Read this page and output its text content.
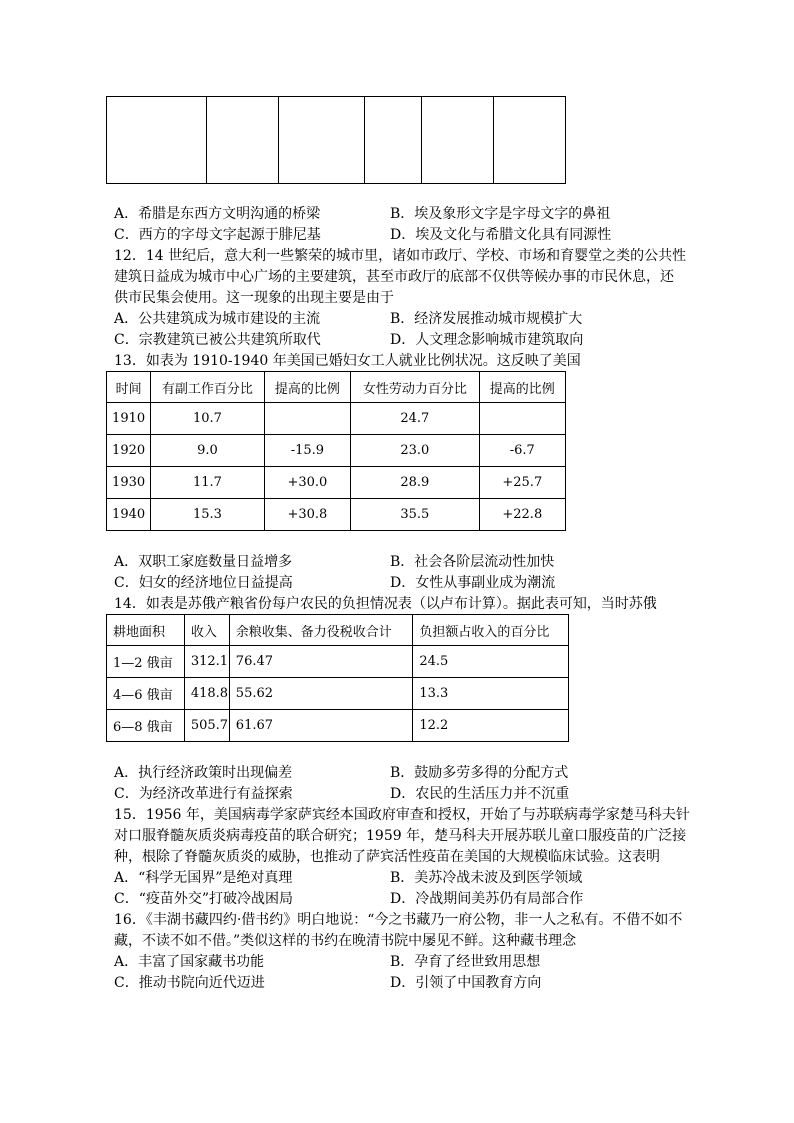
A．希腊是东西方文明沟通的桥梁	B．埃及象形文字是字母文字的鼻祖
C．西方的字母文字起源于腓尼基	D．埃及文化与希腊文化具有同源性
12．14 世纪后，意大利一些繁荣的城市里，诸如市政厅、学校、市场和育婴堂之类的公共性
建筑日益成为城市中心广场的主要建筑，甚至市政厅的底部不仅供等候办事的市民休息，还
供市民集会使用。这一现象的出现主要是由于
A．公共建筑成为城市建设的主流	B．经济发展推动城市规模扩大
C．宗教建筑已被公共建筑所取代	D．人文理念影响城市建筑取向
13．如表为 1910-1940 年美国已婚妇女工人就业比例状况。这反映了美国
时间	有副工作百分比	提高的比例	女性劳动力百分比	提高的比例
1910	10.7		24.7	
1920	9.0	-15.9	23.0	-6.7
1930	11.7	+30.0	28.9	+25.7
1940	15.3	+30.8	35.5	+22.8
A．双职工家庭数量日益增多	B．社会各阶层流动性加快
C．妇女的经济地位日益提高	D．女性从事副业成为潮流
14．如表是苏俄产粮省份每户农民的负担情况表（以卢布计算）。据此表可知，当时苏俄
耕地面积	收入	余粮收集、备力役税收合计	负担额占收入的百分比
1—2 俄亩	312.1	76.47	24.5
4—6 俄亩	418.8	55.62	13.3
6—8 俄亩	505.7	61.67	12.2
A．执行经济政策时出现偏差	B．鼓励多劳多得的分配方式
C．为经济改革进行有益探索	D．农民的生活压力并不沉重
15．1956 年，美国病毒学家萨宾经本国政府审查和授权，开始了与苏联病毒学家楚马科夫针
对口服脊髓灰质炎病毒疫苗的联合研究；1959 年，楚马科夫开展苏联儿童口服疫苗的广泛接
种，根除了脊髓灰质炎的威胁，也推动了萨宾活性疫苗在美国的大规模临床试验。这表明
A．“科学无国界”是绝对真理	B．美苏冷战未波及到医学领域
C．“疫苗外交”打破冷战困局	D．冷战期间美苏仍有局部合作
16．《丰湖书藏四约·借书约》明白地说：“今之书藏乃一府公物，非一人之私有。不借不如不
藏，不读不如不借。”类似这样的书约在晚清书院中屡见不鲜。这种藏书理念
A．丰富了国家藏书功能	B．孕育了经世致用思想
C．推动书院向近代迈进	D．引领了中国教育方向
